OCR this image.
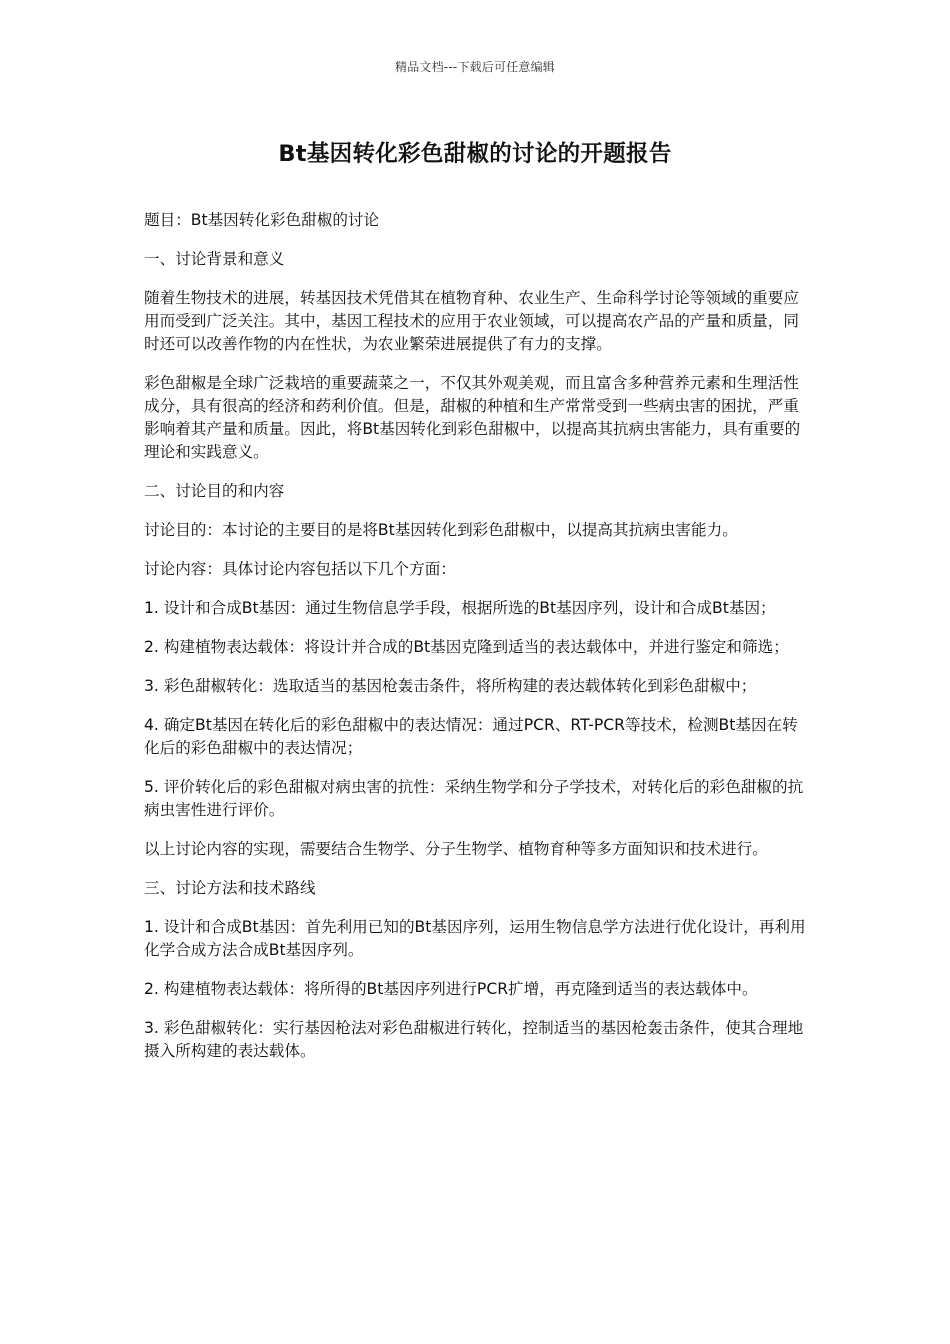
精品文档---下载后可任意编辑
Bt基因转化彩色甜椒的讨论的开题报告

题目：Bt基因转化彩色甜椒的讨论

一、讨论背景和意义

随着生物技术的进展，转基因技术凭借其在植物育种、农业生产、生命科学讨论等领域的重要应用而受到广泛关注。其中，基因工程技术的应用于农业领域，可以提高农产品的产量和质量，同时还可以改善作物的内在性状，为农业繁荣进展提供了有力的支撑。

彩色甜椒是全球广泛栽培的重要蔬菜之一，不仅其外观美观，而且富含多种营养元素和生理活性成分，具有很高的经济和药利价值。但是，甜椒的种植和生产常常受到一些病虫害的困扰，严重影响着其产量和质量。因此，将Bt基因转化到彩色甜椒中，以提高其抗病虫害能力，具有重要的理论和实践意义。

二、讨论目的和内容

讨论目的：本讨论的主要目的是将Bt基因转化到彩色甜椒中，以提高其抗病虫害能力。

讨论内容：具体讨论内容包括以下几个方面：

1. 设计和合成Bt基因：通过生物信息学手段，根据所选的Bt基因序列，设计和合成Bt基因；

2. 构建植物表达载体：将设计并合成的Bt基因克隆到适当的表达载体中，并进行鉴定和筛选；

3. 彩色甜椒转化：选取适当的基因枪轰击条件，将所构建的表达载体转化到彩色甜椒中；

4. 确定Bt基因在转化后的彩色甜椒中的表达情况：通过PCR、RT-PCR等技术，检测Bt基因在转化后的彩色甜椒中的表达情况；

5. 评价转化后的彩色甜椒对病虫害的抗性：采纳生物学和分子学技术，对转化后的彩色甜椒的抗病虫害性进行评价。

以上讨论内容的实现，需要结合生物学、分子生物学、植物育种等多方面知识和技术进行。

三、讨论方法和技术路线

1. 设计和合成Bt基因：首先利用已知的Bt基因序列，运用生物信息学方法进行优化设计，再利用化学合成方法合成Bt基因序列。

2. 构建植物表达载体：将所得的Bt基因序列进行PCR扩增，再克隆到适当的表达载体中。

3. 彩色甜椒转化：实行基因枪法对彩色甜椒进行转化，控制适当的基因枪轰击条件，使其合理地摄入所构建的表达载体。
